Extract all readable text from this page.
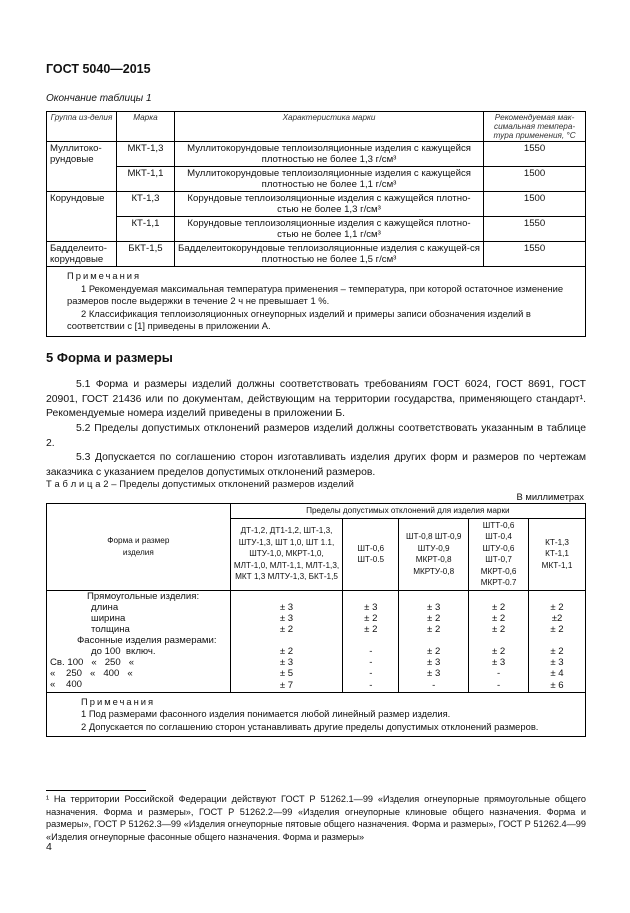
ГОСТ 5040—2015
Окончание таблицы 1
Группа из-делия	Марка	Характеристика марки	Рекомендуемая мак-симальная темпера-тура применения, °С
Муллитоко-рундовые	МКТ-1,3	Муллитокорундовые теплоизоляционные изделия с кажущейся плотностью не более 1,3 г/см³	1550
	МКТ-1,1	Муллитокорундовые теплоизоляционные изделия с кажущейся плотностью не более 1,1 г/см³	1500
Корундовые	КТ-1,3	Корундовые теплоизоляционные изделия с кажущейся плотно-стью не более 1,3 г/см³	1500
	КТ-1,1	Корундовые теплоизоляционные изделия с кажущейся плотно-стью не более 1,1 г/см³	1550
Бадделеито-корундовые	БКТ-1,5	Бадделеитокорундовые теплоизоляционные изделия с кажущей-ся плотностью не более 1,5 г/см³	1550
Примечания

1 Рекомендуемая максимальная температура применения – температура, при которой остаточное изменение размеров после выдержки в течение 2 ч не превышает 1 %.
2 Классификация теплоизоляционных огнеупорных изделий и примеры записи обозначения изделий в соответствии с [1] приведены в приложении А.			
5 Форма и размеры
5.1 Форма и размеры изделий должны соответствовать требованиям ГОСТ 6024, ГОСТ 8691, ГОСТ 20901, ГОСТ 21436 или по документам, действующим на территории государства, применяющего стандарт¹. Рекомендуемые номера изделий приведены в приложении Б.
5.2 Пределы допустимых отклонений размеров изделий должны соответствовать указанным в таблице 2.
5.3 Допускается по соглашению сторон изготавливать изделия других форм и размеров по чертежам заказчика с указанием пределов допустимых отклонений размеров.
Т а б л и ц а 2 – Пределы допустимых отклонений размеров изделий
В миллиметрах
Форма и размер изделия	Пределы допустимых отклонений для изделия марки				
	ДТ-1,2, ДТ1-1,2, ШТ-1,3, ШТУ-1,3, ШТ 1,0, ШТ 1.1, ШТУ-1,0, МКРТ-1,0, МЛТ-1,0, МЛТ-1,1, МЛТ-1,3, МКТ 1,3 МЛТУ-1,3, БКТ-1,5	ШТ-0,6 ШТ-0.5	ШТ-0,8 ШТ-0,9 ШТУ-0,9 МКРТ-0,8 МКРТУ-0,8	ШТТ-0,6 ШТ-0,4 ШТУ-0,6 ШТ-0,7 МКРТ-0,6 МКРТ-0.7	КТ-1,3 КТ-1,1 МКТ-1,1
Прямоугольные изделия:					
длина	± 3	± 3	± 3	± 2	± 2
ширина	± 3	± 2	± 2	± 2	±2
толщина	± 2	± 2	± 2	± 2	± 2
Фасонные изделия размерами:					
до 100  включ.	± 2	-	± 2	± 2	± 2
Св. 100   «   250   «	± 3	-	± 3	± 3	± 3
«    250   «   400   «	± 5	-	± 3	-	± 4
«    400	± 7	-	-	-	± 6
Примечания
1 Под размерами фасонного изделия понимается любой линейный размер изделия.
2 Допускается по соглашению сторон устанавливать другие пределы допустимых отклонений размеров.					
¹ На территории Российской Федерации действуют ГОСТ Р 51262.1—99 «Изделия огнеупорные прямоугольные общего назначения. Форма и размеры», ГОСТ Р 51262.2—99 «Изделия огнеупорные клиновые общего назначения. Форма и размеры», ГОСТ Р 51262.3—99 «Изделия огнеупорные пятовые общего назначения. Форма и размеры», ГОСТ Р 51262.4—99 «Изделия огнеупорные фасонные общего назначения. Форма и размеры»
4
